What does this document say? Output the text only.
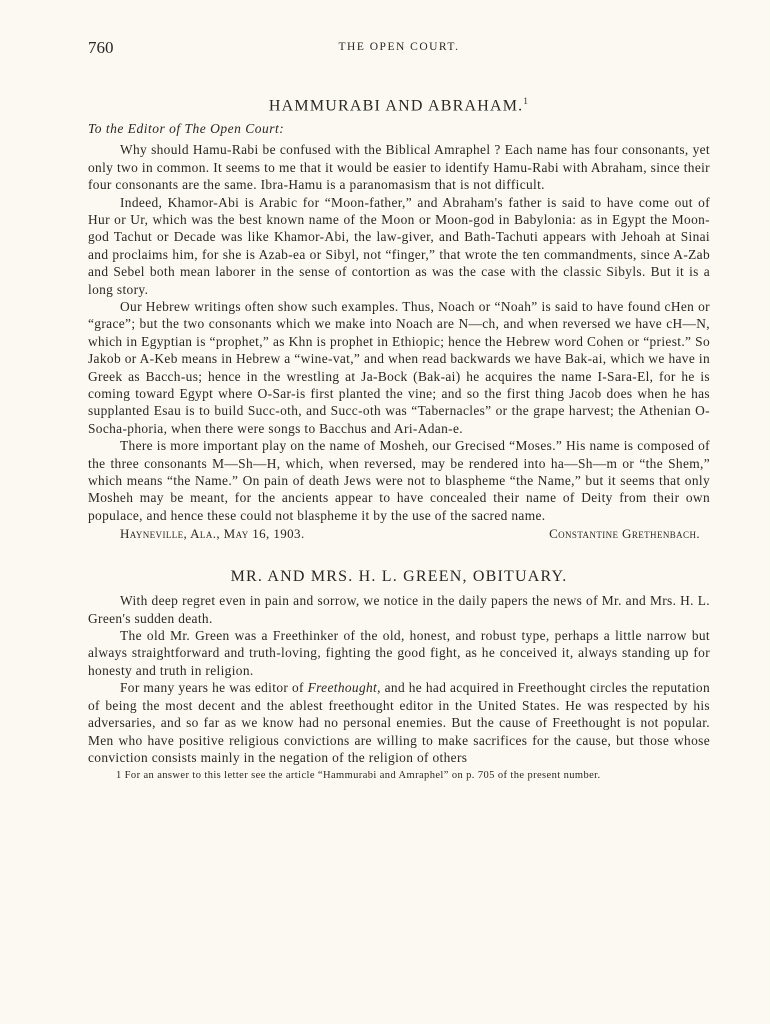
760	THE OPEN COURT.
HAMMURABI AND ABRAHAM.$^1$
To the Editor of The Open Court:

Why should Hamu-Rabi be confused with the Biblical Amraphel ? Each name has four consonants, yet only two in common. It seems to me that it would be easier to identify Hamu-Rabi with Abraham, since their four consonants are the same. Ibra-Hamu is a paranomasism that is not difficult.

Indeed, Khamor-Abi is Arabic for “Moon-father,” and Abraham's father is said to have come out of Hur or Ur, which was the best known name of the Moon or Moon-god in Babylonia: as in Egypt the Moon-god Tachut or Decade was like Khamor-Abi, the law-giver, and Bath-Tachuti appears with Jehoah at Sinai and proclaims him, for she is Azab-ea or Sibyl, not “finger,” that wrote the ten commandments, since A-Zab and Sebel both mean laborer in the sense of contortion as was the case with the classic Sibyls. But it is a long story.

Our Hebrew writings often show such examples. Thus, Noach or “Noah” is said to have found cHen or “grace”; but the two consonants which we make into Noach are N—ch, and when reversed we have cH—N, which in Egyptian is “prophet,” as Khn is prophet in Ethiopic; hence the Hebrew word Cohen or “priest.” So Jakob or A-Keb means in Hebrew a “wine-vat,” and when read backwards we have Bak-ai, which we have in Greek as Bacch-us; hence in the wrestling at Ja-Bock (Bak-ai) he acquires the name I-Sara-El, for he is coming toward Egypt where O-Sar-is first planted the vine; and so the first thing Jacob does when he has supplanted Esau is to build Succ-oth, and Succ-oth was “Tabernacles” or the grape harvest; the Athenian O-Socha-phoria, when there were songs to Bacchus and Ari-Adan-e.

There is more important play on the name of Mosheh, our Grecised “Moses.” His name is composed of the three consonants M—Sh—H, which, when reversed, may be rendered into ha—Sh—m or “the Shem,” which means “the Name.” On pain of death Jews were not to blaspheme “the Name,” but it seems that only Mosheh may be meant, for the ancients appear to have concealed their name of Deity from their own populace, and hence these could not blaspheme it by the use of the sacred name.

Hayneville, Ala., May 16, 1903.	Constantine Grethenbach.
MR. AND MRS. H. L. GREEN, OBITUARY.

With deep regret even in pain and sorrow, we notice in the daily papers the news of Mr. and Mrs. H. L. Green's sudden death.

The old Mr. Green was a Freethinker of the old, honest, and robust type, perhaps a little narrow but always straightforward and truth-loving, fighting the good fight, as he conceived it, always standing up for honesty and truth in religion.

For many years he was editor of Freethought, and he had acquired in Freethought circles the reputation of being the most decent and the ablest freethought editor in the United States. He was respected by his adversaries, and so far as we know had no personal enemies. But the cause of Freethought is not popular. Men who have positive religious convictions are willing to make sacrifices for the cause, but those whose conviction consists mainly in the negation of the religion of others

1 For an answer to this letter see the article “Hammurabi and Amraphel” on p. 705 of the present number.
